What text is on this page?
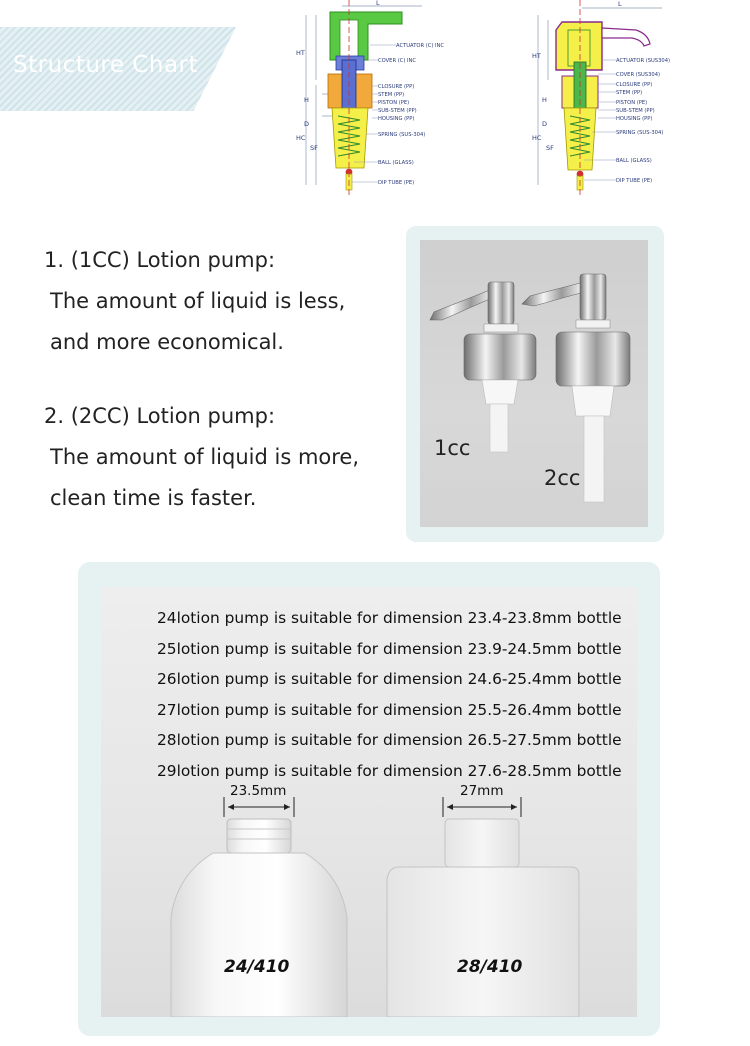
Structure Chart
ACTUATOR (C) INC
COVER (C) INC
CLOSURE (PP)
STEM (PP)
PISTON (PE)
SUB-STEM (PP)
HOUSING (PP)
SPRING (SUS-304)
BALL (GLASS)
DIP TUBE (PE)
L
HT
HC
H
D
SF
ACTUATOR (SUS304)
COVER (SUS304)
CLOSURE (PP)
STEM (PP)
PISTON (PE)
SUB-STEM (PP)
HOUSING (PP)
SPRING (SUS-304)
BALL (GLASS)
DIP TUBE (PE)
L
HT
HC
H
D
SF
1. (1CC) Lotion pump:
The amount of liquid is less,
and more economical.
2. (2CC) Lotion pump:
The amount of liquid is more,
clean time is faster.
1cc
2cc
24lotion pump is suitable for dimension 23.4-23.8mm bottle
25lotion pump is suitable for dimension 23.9-24.5mm bottle
26lotion pump is suitable for dimension 24.6-25.4mm bottle
27lotion pump is suitable for dimension 25.5-26.4mm bottle
28lotion pump is suitable for dimension 26.5-27.5mm bottle
29lotion pump is suitable for dimension 27.6-28.5mm bottle
23.5mm	27mm
24/410	28/410
